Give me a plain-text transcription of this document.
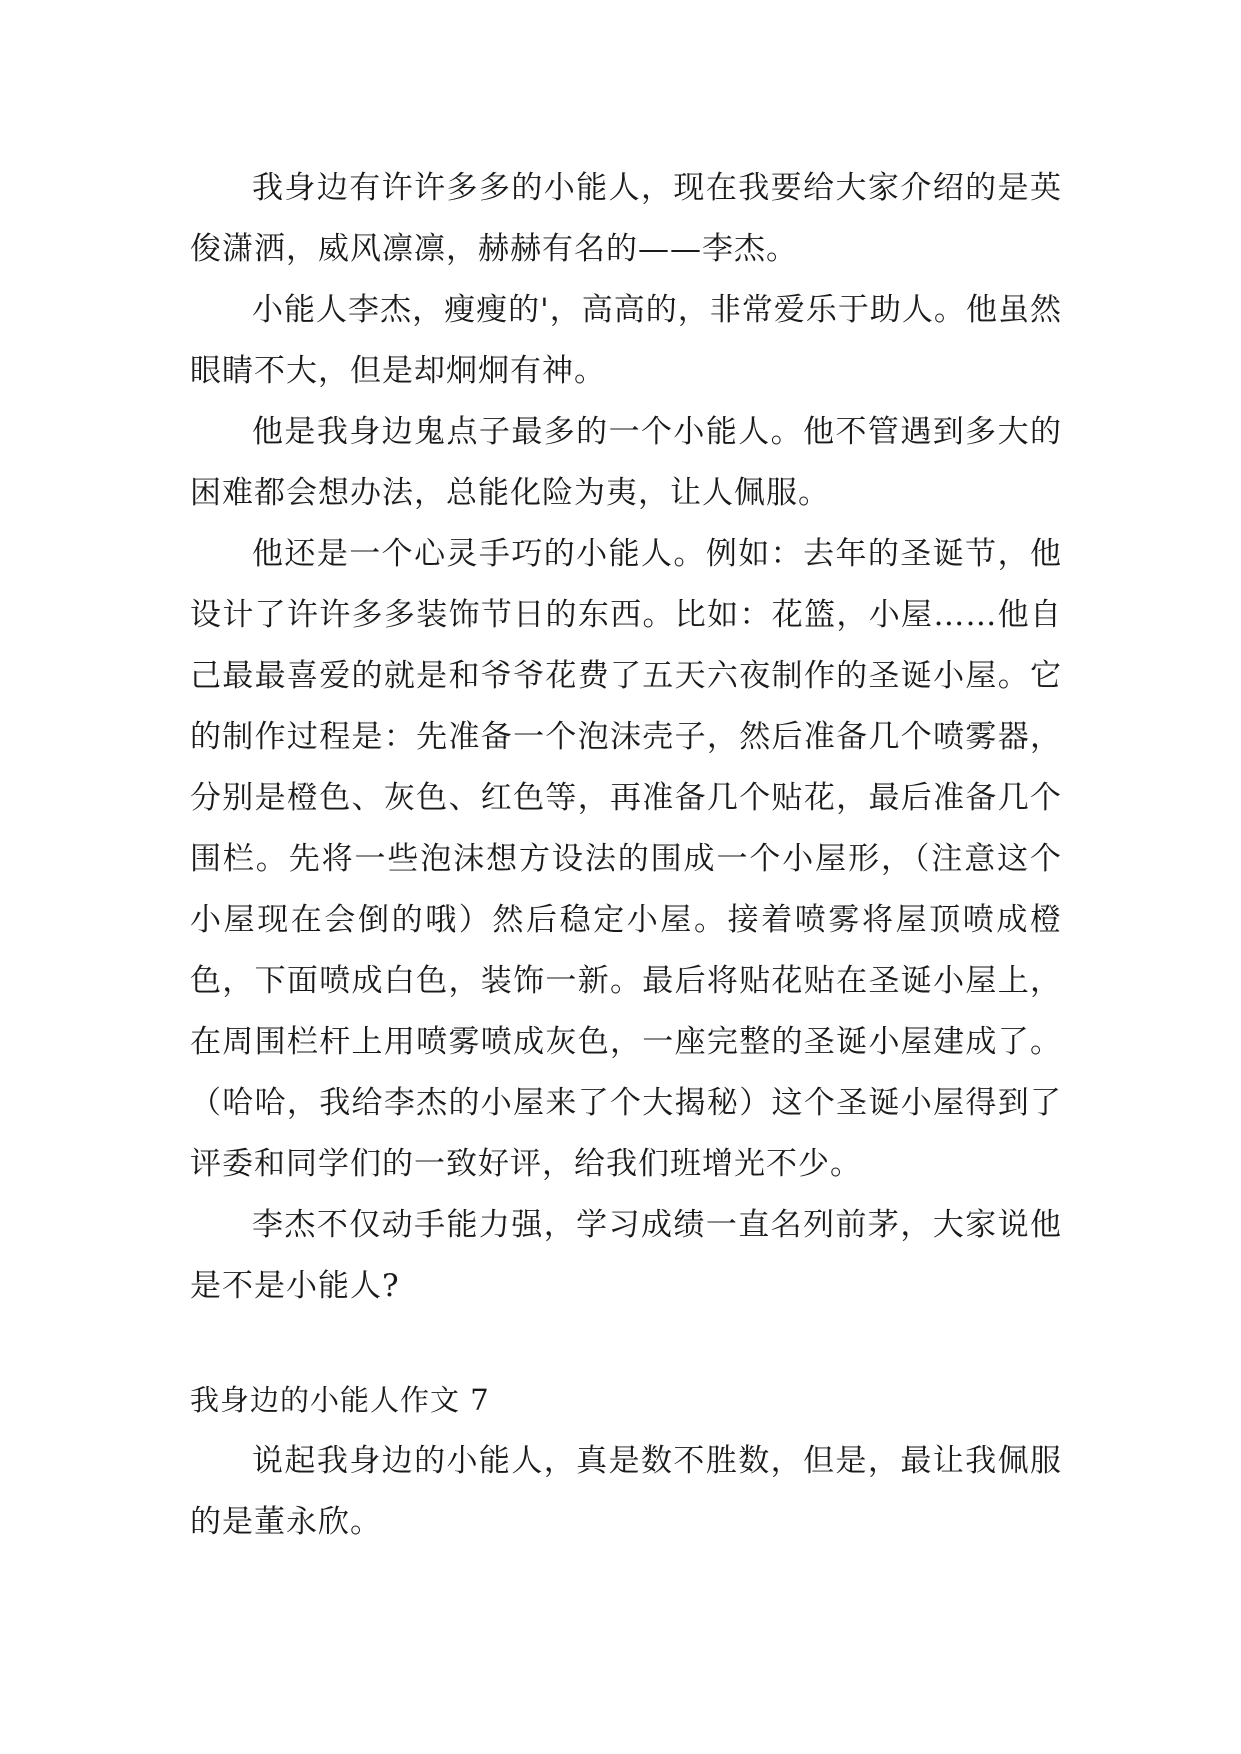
我身边有许许多多的小能人，现在我要给大家介绍的是英俊潇洒，威风凛凛，赫赫有名的——李杰。

小能人李杰，瘦瘦的'，高高的，非常爱乐于助人。他虽然眼睛不大，但是却炯炯有神。

他是我身边鬼点子最多的一个小能人。他不管遇到多大的困难都会想办法，总能化险为夷，让人佩服。

他还是一个心灵手巧的小能人。例如：去年的圣诞节，他设计了许许多多装饰节日的东西。比如：花篮，小屋……他自己最最喜爱的就是和爷爷花费了五天六夜制作的圣诞小屋。它的制作过程是：先准备一个泡沫壳子，然后准备几个喷雾器，分别是橙色、灰色、红色等，再准备几个贴花，最后准备几个围栏。先将一些泡沫想方设法的围成一个小屋形，（注意这个小屋现在会倒的哦）然后稳定小屋。接着喷雾将屋顶喷成橙色，下面喷成白色，装饰一新。最后将贴花贴在圣诞小屋上，在周围栏杆上用喷雾喷成灰色，一座完整的圣诞小屋建成了。（哈哈，我给李杰的小屋来了个大揭秘）这个圣诞小屋得到了评委和同学们的一致好评，给我们班增光不少。

李杰不仅动手能力强，学习成绩一直名列前茅，大家说他是不是小能人?

我身边的小能人作文 7

说起我身边的小能人，真是数不胜数，但是，最让我佩服的是董永欣。
